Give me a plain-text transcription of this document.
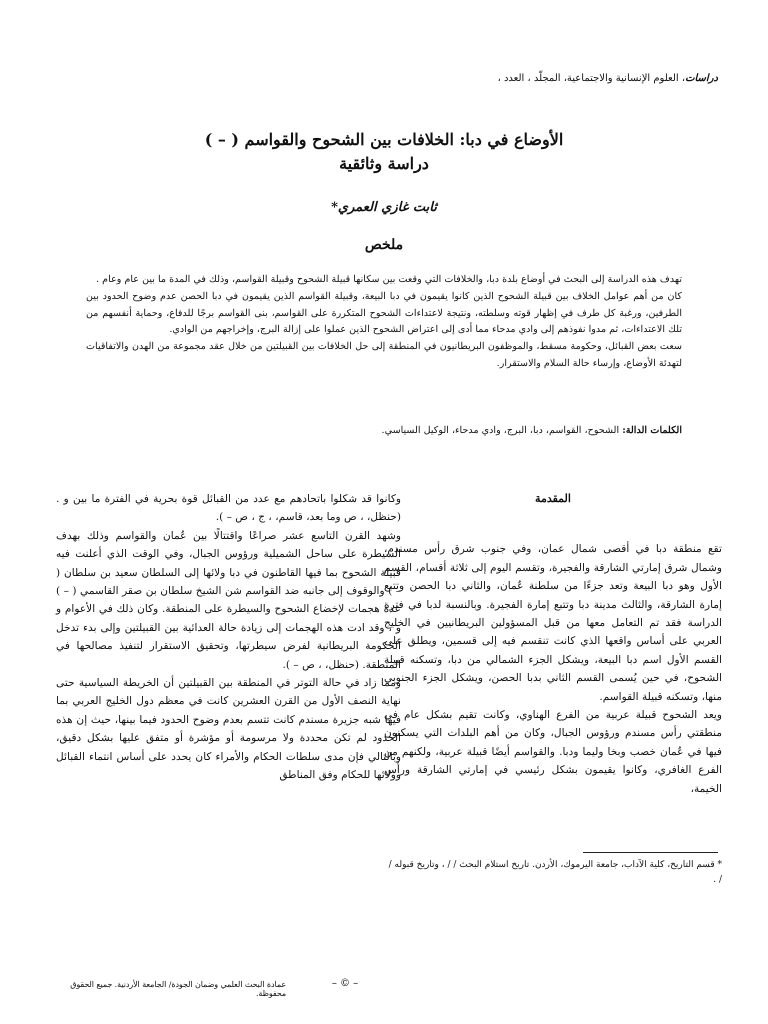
دراسات، العلوم الإنسانية والاجتماعية، المجلّد ، العدد ،
الأوضاع في دبا: الخلافات بين الشحوح والقواسم ( – )
دراسة وثائقية
ثابت غازي العمري*
ملخص

تهدف هذه الدراسة إلى البحث في أوضاع بلدة دبا، والخلافات التي وقعت بين سكانها قبيلة الشحوح وقبيلة القواسم، وذلك في المدة ما بين عام وعام .

كان من أهم عوامل الخلاف بين قبيلة الشحوح الذين كانوا يقيمون في دبا البيعة، وقبيلة القواسم الذين يقيمون في دبا الحصن عدم وضوح الحدود بين الطرفين، ورغبة كل طرف في إظهار قوته وسلطته، ونتيجة لاعتداءات الشحوح المتكررة على القواسم، بنى القواسم برجًا للدفاع، وحماية أنفسهم من تلك الاعتداءات، ثم مدوا نفوذهم إلى وادي مدحاء مما أدى إلى اعتراض الشحوح الذين عملوا على إزالة البرج، وإخراجهم من الوادي.

سعت بعض القبائل، وحكومة مسقط، والموظفون البريطانيون في المنطقة إلى حل الخلافات بين القبيلتين من خلال عقد مجموعة من الهدن والاتفاقيات لتهدئة الأوضاع، وإرساء حالة السلام والاستقرار.

الكلمات الدالة: الشحوح، القواسم، دبا، البرج، وادي مدحاء، الوكيل السياسي.

المقدمة

تقع منطقة دبا في أقصى شمال عمان، وفي جنوب شرق رأس مسندم، وشمال شرق إمارتي الشارقة والفجيرة، وتقسم اليوم إلى ثلاثة أقسام، القسم الأول وهو دبا البيعة وتعد جزءًا من سلطنة عُمان، والثاني دبا الحصن وتتبع إمارة الشارقة، والثالث مدينة دبا وتتبع إمارة الفجيرة. وبالنسبة لدبا في فترة الدراسة فقد تم التعامل معها من قبل المسؤولين البريطانيين في الخليج العربي على أساس واقعها الذي كانت تنقسم فيه إلى قسمين، ويطلق على القسم الأول اسم دبا البيعة، ويشكل الجزء الشمالي من دبا، وتسكنه قبيلة الشحوح، في حين يُسمى القسم الثاني بدبا الحصن، ويشكل الجزء الجنوبي منها، وتسكنه قبيلة القواسم.

ويعد الشحوح قبيلة عربية من الفرع الهناوي، وكانت تقيم بشكل عام في منطقتي رأس مسندم ورؤوس الجبال، وكان من أهم البلدات التي يسكنون فيها في عُمان خصب وبخا وليما ودبا. والقواسم أيضًا قبيلة عربية، ولكنهم من الفرع الغافري، وكانوا يقيمون بشكل رئيسي في إمارتي الشارقة ورأس الخيمة،

وكانوا قد شكلوا باتحادهم مع عدد من القبائل قوة بحرية في الفترة ما بين و . (حنظل، ، ص وما بعد، قاسم، ، ج ، ص – ).

وشهد القرن التاسع عشر صراعًا واقتتالًا بين عُمان والقواسم وذلك بهدف السيطرة على ساحل الشميلية ورؤوس الجبال، وفي الوقت الذي أعلنت فيه قبيلة الشحوح بما فيها القاطنون في دبا ولائها إلى السلطان سعيد بن سلطان ( – ) والوقوف إلى جانبه ضد القواسم شن الشيخ سلطان بن صقر القاسمي ( – ) عدة هجمات لإخضاع الشحوح والسيطرة على المنطقة. وكان ذلك في الأعوام و و ، وقد ادت هذه الهجمات إلى زيادة حالة العدائية بين القبيلتين وإلى بدء تدخل الحكومة البريطانية لفرض سيطرتها، وتحقيق الاستقرار لتنفيذ مصالحها في المنطقة. (حنظل، ، ص – ).

ومما زاد في حالة التوتر في المنطقة بين القبيلتين أن الخريطة السياسية حتى نهاية النصف الأول من القرن العشرين كانت في معظم دول الخليج العربي بما فيها شبه جزيرة مسندم كانت تتسم بعدم وضوح الحدود فيما بينها، حيث إن هذه الحدود لم تكن محددة ولا مرسومة أو مؤشرة أو متفق عليها بشكل دقيق، وبالتالي فإن مدى سلطات الحكام والأمراء كان يحدد على أساس انتماء القبائل وولائها للحكام وفق المناطق

* قسم التاريخ، كلية الآداب، جامعة اليرموك، الأردن. تاريخ استلام البحث / / ، وتاريخ قبوله / / .
– © –
عمادة البحث العلمي وضمان الجودة/ الجامعة الأردنية. جميع الحقوق محفوظة.
